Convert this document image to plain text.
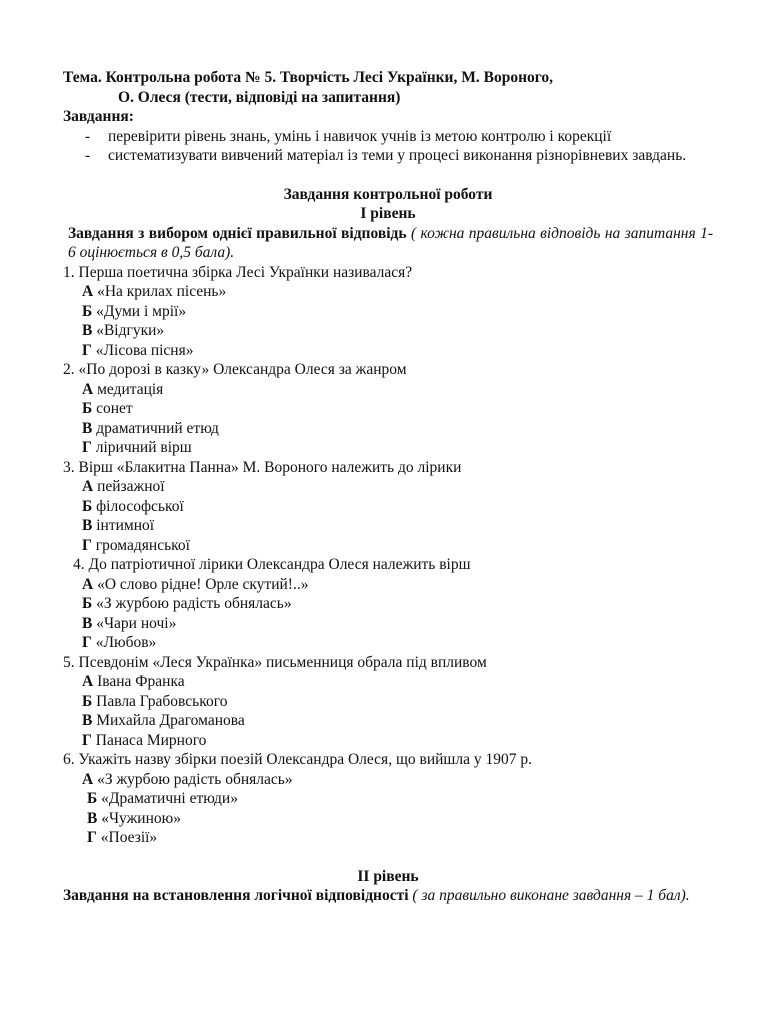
Тема. Контрольна робота № 5. Творчість Лесі Українки, М. Вороного,
О. Олеся (тести, відповіді на запитання)
Завдання:
- перевірити рівень знань, умінь і навичок учнів із метою контролю і корекції
- систематизувати вивчений матеріал із теми у процесі виконання різнорівневих завдань.
Завдання контрольної роботи
І рівень
Завдання з вибором однієї правильної відповідь ( кожна правильна відповідь на запитання 1-6 оцінюється в 0,5 бала).
1. Перша поетична збірка Лесі Українки називалася?
А «На крилах пісень»
Б «Думи і мрії»
В «Відгуки»
Г «Лісова пісня»
2. «По дорозі в казку» Олександра Олеся за жанром
А медитація
Б сонет
В драматичний етюд
Г ліричний вірш
3. Вірш «Блакитна Панна» М. Вороного належить до лірики
А пейзажної
Б філософської
В інтимної
Г громадянської
4. До патріотичної лірики Олександра Олеся належить вірш
А «О слово рідне! Орле скутий!..»
Б «З журбою радість обнялась»
В «Чари ночі»
Г «Любов»
5. Псевдонім «Леся Українка» письменниця обрала під впливом
А Івана Франка
Б Павла Грабовського
В Михайла Драгоманова
Г Панаса Мирного
6. Укажіть назву збірки поезій Олександра Олеся, що вийшла у 1907 р.
А «З журбою радість обнялась»
Б «Драматичні етюди»
В «Чужиною»
Г «Поезії»
ІІ рівень
Завдання на встановлення логічної відповідності ( за правильно виконане завдання – 1 бал).
